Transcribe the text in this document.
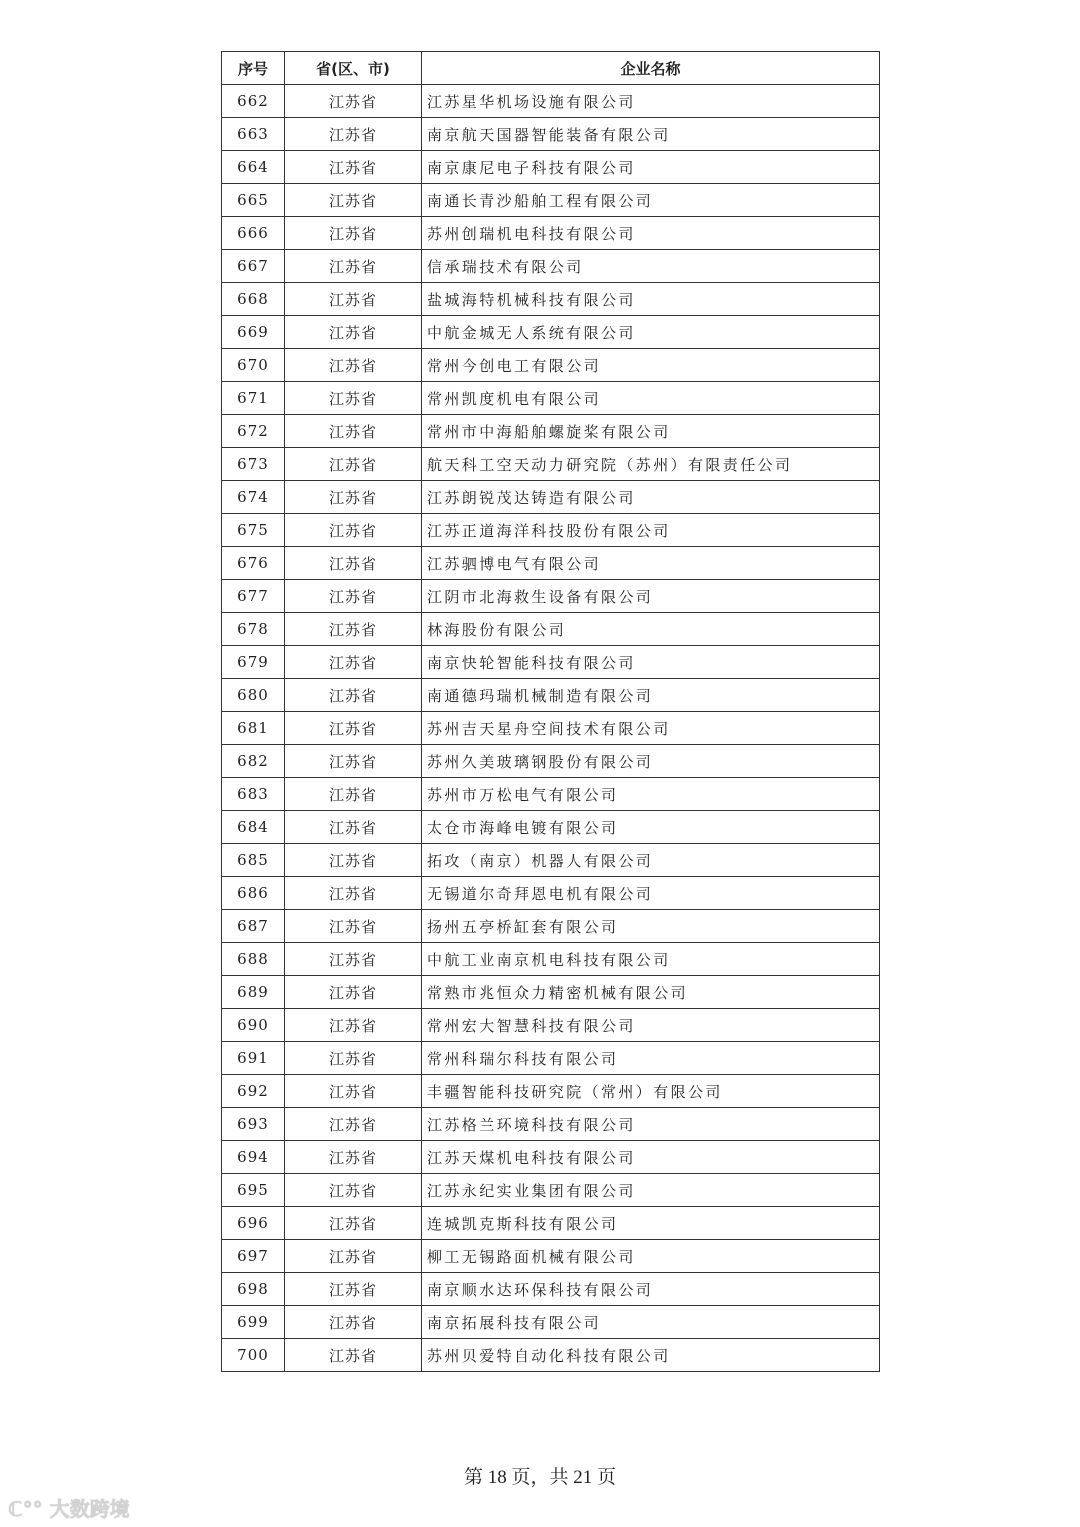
序号	省(区、市)	企业名称
662	江苏省	江苏星华机场设施有限公司
663	江苏省	南京航天国器智能装备有限公司
664	江苏省	南京康尼电子科技有限公司
665	江苏省	南通长青沙船舶工程有限公司
666	江苏省	苏州创瑞机电科技有限公司
667	江苏省	信承瑞技术有限公司
668	江苏省	盐城海特机械科技有限公司
669	江苏省	中航金城无人系统有限公司
670	江苏省	常州今创电工有限公司
671	江苏省	常州凯度机电有限公司
672	江苏省	常州市中海船舶螺旋桨有限公司
673	江苏省	航天科工空天动力研究院（苏州）有限责任公司
674	江苏省	江苏朗锐茂达铸造有限公司
675	江苏省	江苏正道海洋科技股份有限公司
676	江苏省	江苏驷博电气有限公司
677	江苏省	江阴市北海救生设备有限公司
678	江苏省	林海股份有限公司
679	江苏省	南京快轮智能科技有限公司
680	江苏省	南通德玛瑞机械制造有限公司
681	江苏省	苏州吉天星舟空间技术有限公司
682	江苏省	苏州久美玻璃钢股份有限公司
683	江苏省	苏州市万松电气有限公司
684	江苏省	太仓市海峰电镀有限公司
685	江苏省	拓攻（南京）机器人有限公司
686	江苏省	无锡道尔奇拜恩电机有限公司
687	江苏省	扬州五亭桥缸套有限公司
688	江苏省	中航工业南京机电科技有限公司
689	江苏省	常熟市兆恒众力精密机械有限公司
690	江苏省	常州宏大智慧科技有限公司
691	江苏省	常州科瑞尔科技有限公司
692	江苏省	丰疆智能科技研究院（常州）有限公司
693	江苏省	江苏格兰环境科技有限公司
694	江苏省	江苏天煤机电科技有限公司
695	江苏省	江苏永纪实业集团有限公司
696	江苏省	连城凯克斯科技有限公司
697	江苏省	柳工无锡路面机械有限公司
698	江苏省	南京顺水达环保科技有限公司
699	江苏省	南京拓展科技有限公司
700	江苏省	苏州贝爱特自动化科技有限公司
第 18 页，共 21 页
ℂ°° 大数跨境
